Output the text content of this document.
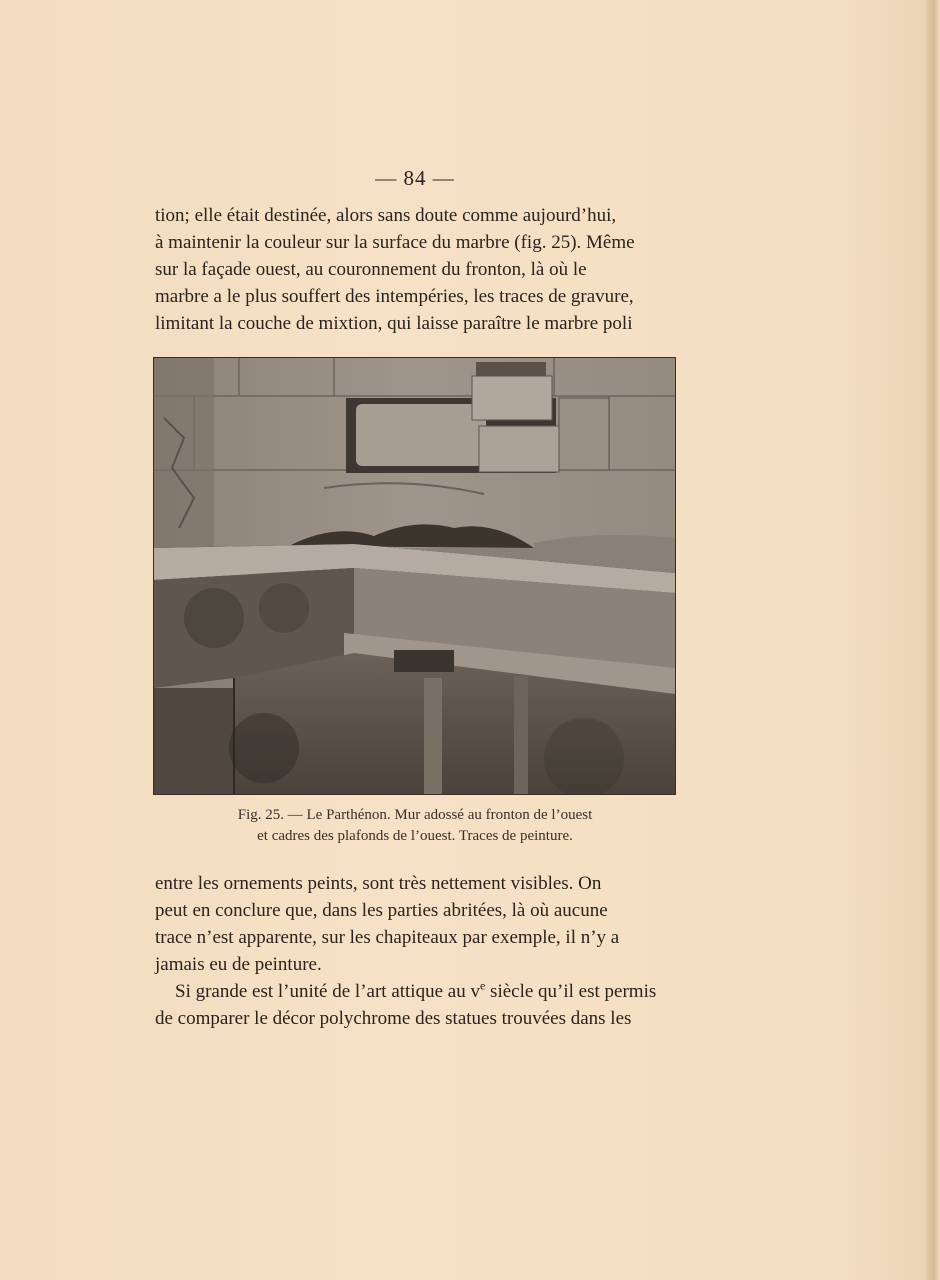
— 84 —

tion; elle était destinée, alors sans doute comme aujourd’hui,

à maintenir la couleur sur la surface du marbre (fig. 25). Même

sur la façade ouest, au couronnement du fronton, là où le

marbre a le plus souffert des intempéries, les traces de gravure,

limitant la couche de mixtion, qui laisse paraître le marbre poli

Fig. 25. — Le Parthénon. Mur adossé au fronton de l’ouest

et cadres des plafonds de l’ouest. Traces de peinture.

entre les ornements peints, sont très nettement visibles. On

peut en conclure que, dans les parties abritées, là où aucune

trace n’est apparente, sur les chapiteaux par exemple, il n’y a

jamais eu de peinture.

Si grande est l’unité de l’art attique au $v^e$ siècle qu’il est permis

de comparer le décor polychrome des statues trouvées dans les
